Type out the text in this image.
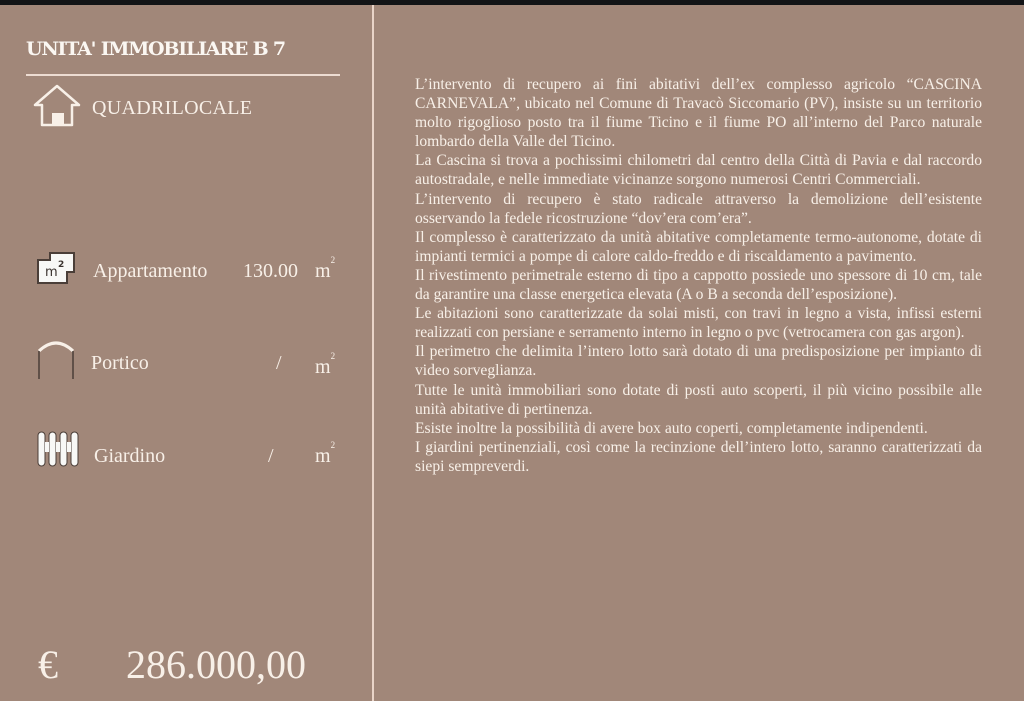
UNITA' IMMOBILIARE B 7
QUADRILOCALE
m 2 Appartamento 130.00 $m^2$
Portico	/ $m^2$
Giardino	/ $m^2$
€ 286.000,00

L’intervento di recupero ai fini abitativi dell’ex complesso agricolo “CASCINA CARNEVALA”, ubicato nel Comune di Travacò Siccomario (PV), insiste su un territorio molto rigoglioso posto tra il fiume Ticino e il fiume PO all’interno del Parco naturale lombardo della Valle del Ticino.

La Cascina si trova a pochissimi chilometri dal centro della Città di Pavia e dal raccordo autostradale, e nelle immediate vicinanze sorgono numerosi Centri Commerciali.

L’intervento di recupero è stato radicale attraverso la demolizione dell’esistente osservando la fedele ricostruzione “dov’era com’era”.

Il complesso è caratterizzato da unità abitative completamente termo-autonome, dotate di impianti termici a pompe di calore caldo-freddo e di riscaldamento a pavimento.

Il rivestimento perimetrale esterno di tipo a cappotto possiede uno spessore di 10 cm, tale da garantire una classe energetica elevata (A o B a seconda dell’esposizione).

Le abitazioni sono caratterizzate da solai misti, con travi in legno a vista, infissi esterni realizzati con persiane e serramento interno in legno o pvc (vetrocamera con gas argon).

Il perimetro che delimita l’intero lotto sarà dotato di una predisposizione per impianto di video sorveglianza.

Tutte le unità immobiliari sono dotate di posti auto scoperti, il più vicino possibile alle unità abitative di pertinenza.

Esiste inoltre la possibilità di avere box auto coperti, completamente indipendenti.

I giardini pertinenziali, così come la recinzione dell’intero lotto, saranno caratterizzati da siepi sempreverdi.
